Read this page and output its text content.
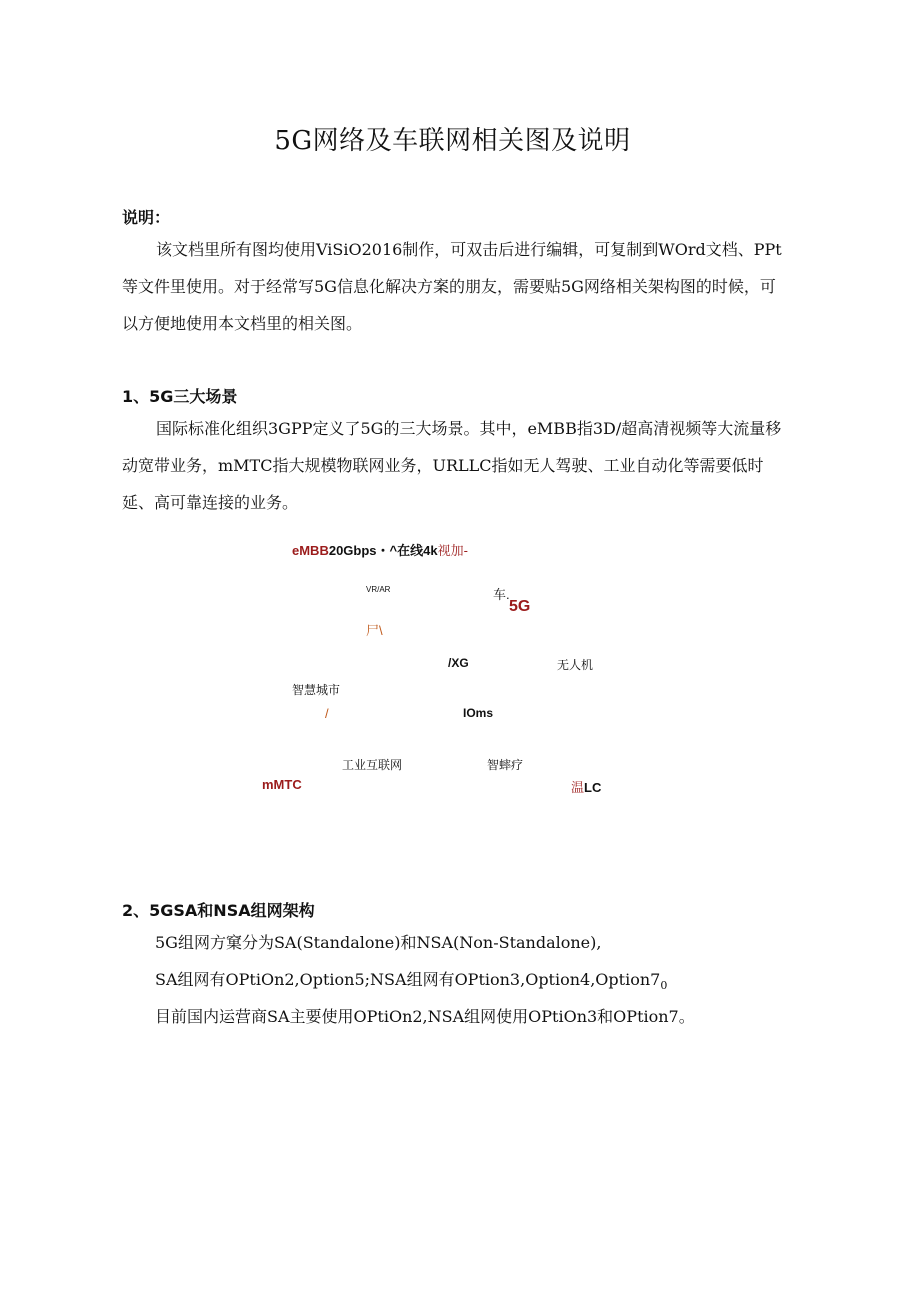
5G网络及车联网相关图及说明
说明：
该文档里所有图均使用ViSiO2016制作，可双击后进行编辑，可复制到WOrd文档、PPt等文件里使用。对于经常写5G信息化解决方案的朋友，需要贴5G网络相关架构图的时候，可以方便地使用本文档里的相关图。
1、5G三大场景
国际标准化组织3GPP定义了5G的三大场景。其中，eMBB指3D/超高清视频等大流量移动宽带业务，mMTC指大规模物联网业务，URLLC指如无人驾驶、工业自动化等需要低时延、高可靠连接的业务。
eMBB20Gbps・^在线4k视加-
VR/AR	车.
5G
尸\
/XG	无人机
智慧城市
/	IOms
工业互联网	智蟀疗
mMTC	温LC
2、5GSA和NSA组网架构
5G组网方窠分为SA(Standalone)和NSA(Non-Standalone),
SA组网有OPtiOn2,Option5;NSA组网有$OPtion3,Option4,Option7_0$
目前国内运营商SA主要使用OPtiOn2,NSA组网使用OPtiOn3和OPtion7。
